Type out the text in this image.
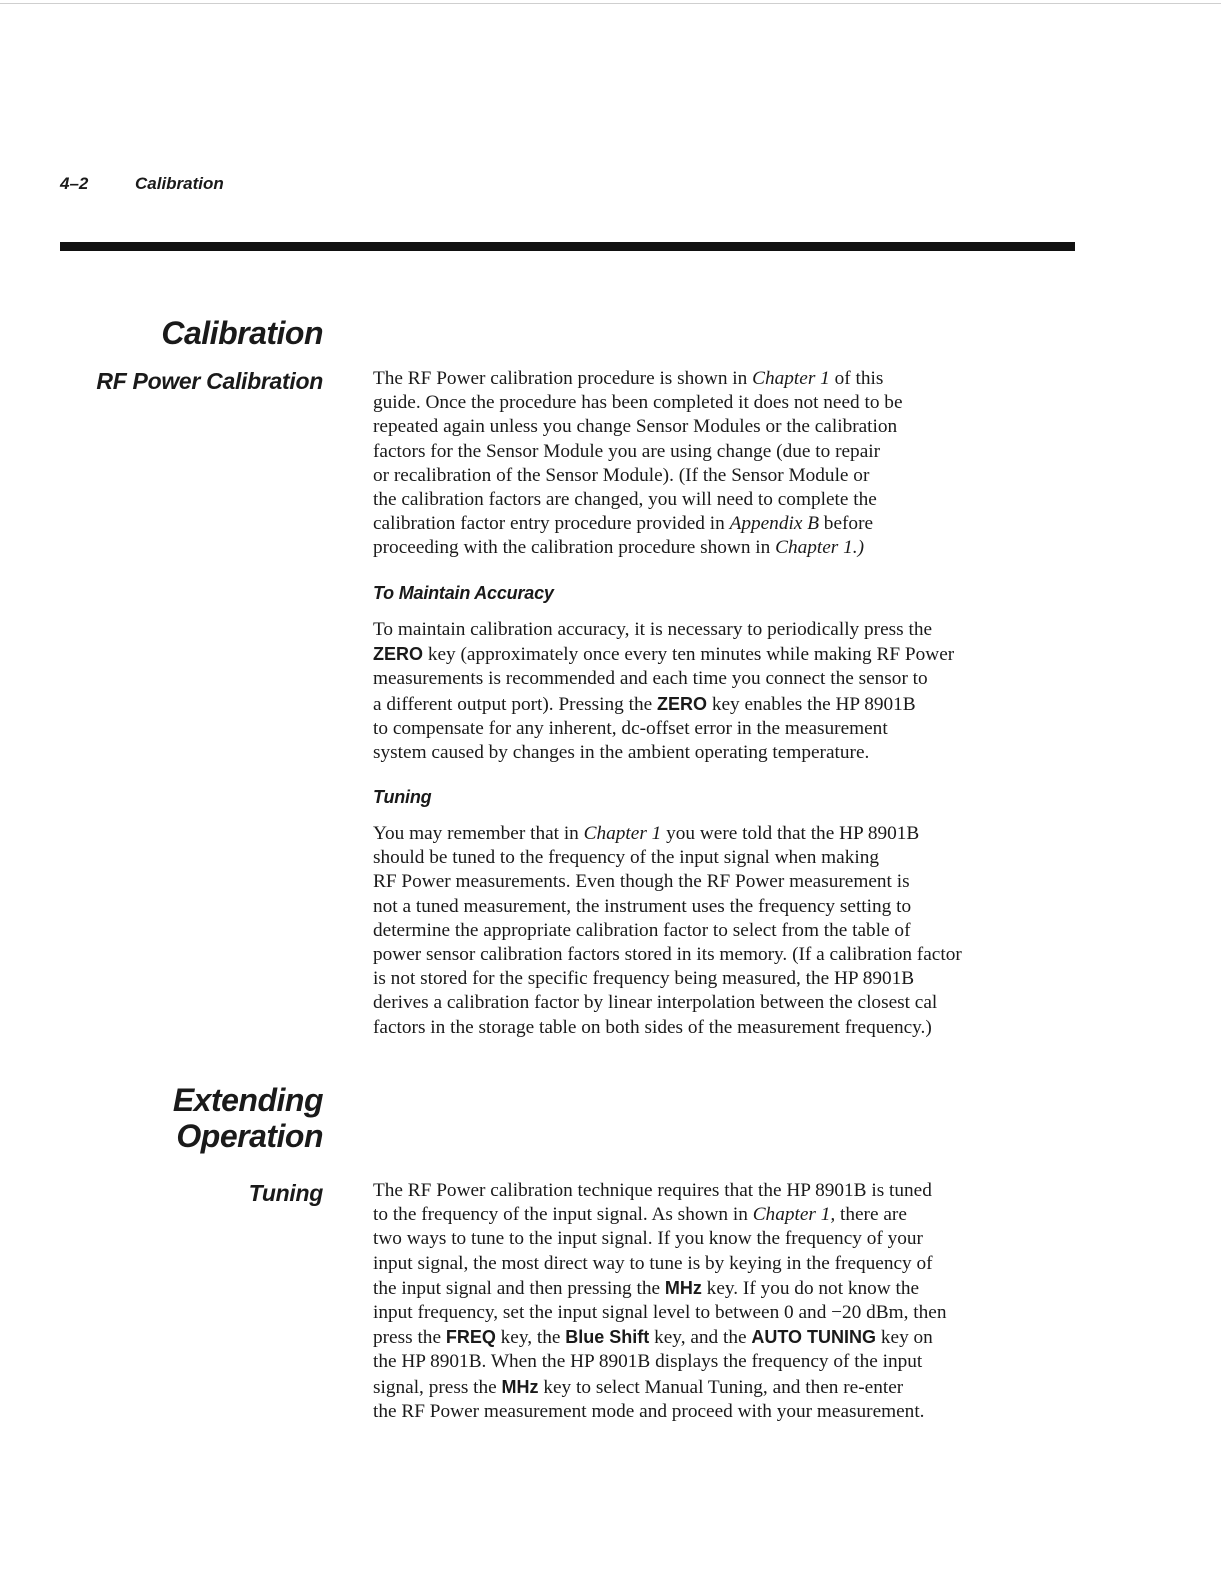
4–2	Calibration
Calibration
RF Power Calibration	The RF Power calibration procedure is shown in Chapter 1 of this

guide. Once the procedure has been completed it does not need to be

repeated again unless you change Sensor Modules or the calibration

factors for the Sensor Module you are using change (due to repair

or recalibration of the Sensor Module). (If the Sensor Module or

the calibration factors are changed, you will need to complete the

calibration factor entry procedure provided in Appendix B before

proceeding with the calibration procedure shown in Chapter 1.)

To Maintain Accuracy

To maintain calibration accuracy, it is necessary to periodically press the

ZERO key (approximately once every ten minutes while making RF Power

measurements is recommended and each time you connect the sensor to

a different output port). Pressing the ZERO key enables the HP 8901B

to compensate for any inherent, dc-offset error in the measurement

system caused by changes in the ambient operating temperature.

Tuning

You may remember that in Chapter 1 you were told that the HP 8901B

should be tuned to the frequency of the input signal when making

RF Power measurements. Even though the RF Power measurement is

not a tuned measurement, the instrument uses the frequency setting to

determine the appropriate calibration factor to select from the table of

power sensor calibration factors stored in its memory. (If a calibration factor

is not stored for the specific frequency being measured, the HP 8901B

derives a calibration factor by linear interpolation between the closest cal

factors in the storage table on both sides of the measurement frequency.)

Extending
Operation
Tuning	The RF Power calibration technique requires that the HP 8901B is tuned

to the frequency of the input signal. As shown in Chapter 1, there are

two ways to tune to the input signal. If you know the frequency of your

input signal, the most direct way to tune is by keying in the frequency of

the input signal and then pressing the MHz key. If you do not know the

input frequency, set the input signal level to between 0 and −20 dBm, then

press the FREQ key, the Blue Shift key, and the AUTO TUNING key on

the HP 8901B. When the HP 8901B displays the frequency of the input

signal, press the MHz key to select Manual Tuning, and then re-enter

the RF Power measurement mode and proceed with your measurement.
